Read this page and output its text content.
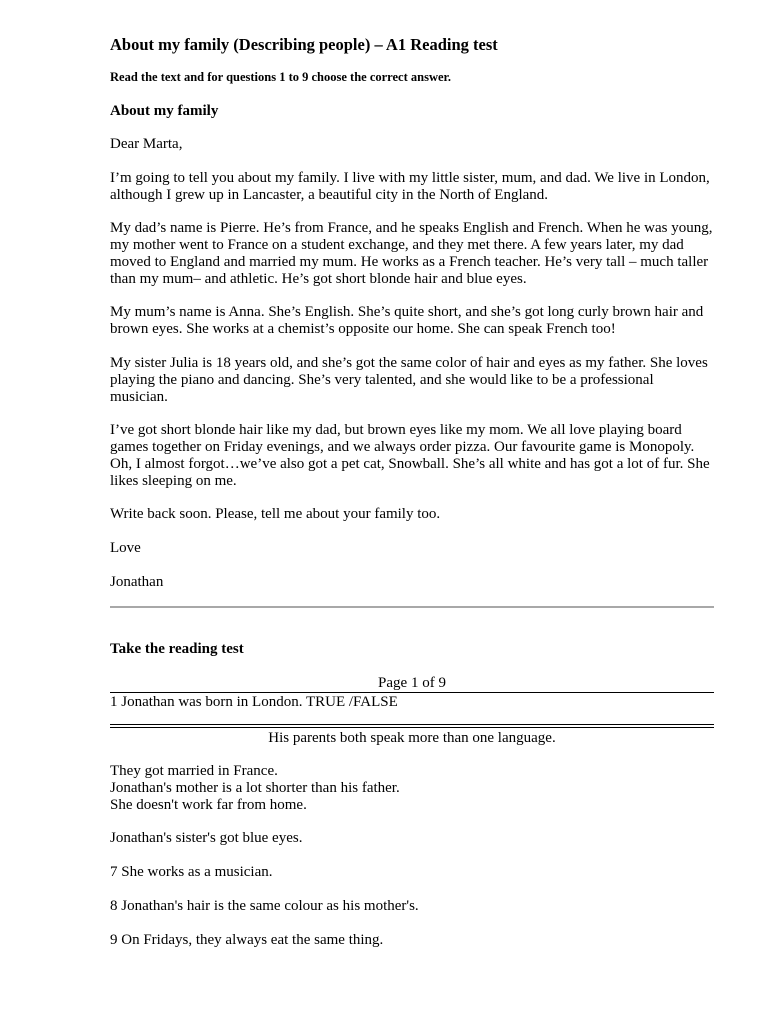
About my family (Describing people) – A1 Reading test

Read the text and for questions 1 to 9 choose the correct answer.

About my family

Dear Marta,

I’m going to tell you about my family. I live with my little sister, mum, and dad. We live in London, although I grew up in Lancaster, a beautiful city in the North of England.

My dad’s name is Pierre. He’s from France, and he speaks English and French. When he was young, my mother went to France on a student exchange, and they met there. A few years later, my dad moved to England and married my mum. He works as a French teacher. He’s very tall – much taller than my mum– and athletic. He’s got short blonde hair and blue eyes.

My mum’s name is Anna. She’s English. She’s quite short, and she’s got long curly brown hair and brown eyes. She works at a chemist’s opposite our home. She can speak French too!

My sister Julia is 18 years old, and she’s got the same color of hair and eyes as my father. She loves playing the piano and dancing. She’s very talented, and she would like to be a professional musician.

I’ve got short blonde hair like my dad, but brown eyes like my mom. We all love playing board games together on Friday evenings, and we always order pizza. Our favourite game is Monopoly. Oh, I almost forgot…we’ve also got a pet cat, Snowball. She’s all white and has got a lot of fur. She likes sleeping on me.

Write back soon. Please, tell me about your family too.

Love

Jonathan

Take the reading test

Page 1 of 9

1 Jonathan was born in London. TRUE /FALSE

His parents both speak more than one language.

They got married in France.

Jonathan's mother is a lot shorter than his father.

She doesn't work far from home.

Jonathan's sister's got blue eyes.

7 She works as a musician.

8 Jonathan's hair is the same colour as his mother's.

9 On Fridays, they always eat the same thing.
